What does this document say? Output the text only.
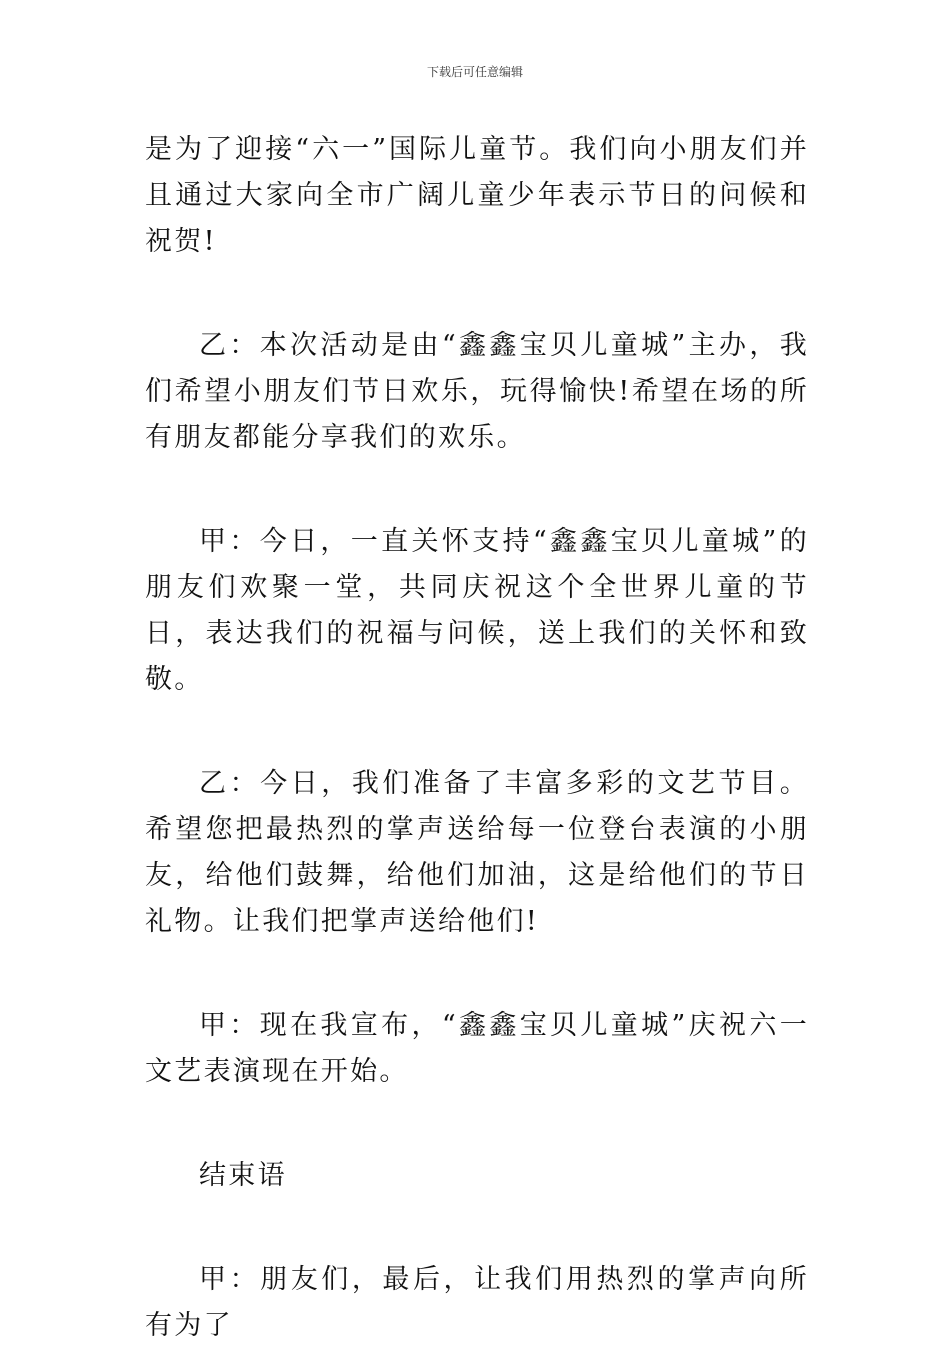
下载后可任意编辑

是为了迎接“六一”国际儿童节。我们向小朋友们并且通过大家向全市广阔儿童少年表示节日的问候和祝贺!

乙：本次活动是由“鑫鑫宝贝儿童城”主办，我们希望小朋友们节日欢乐，玩得愉快!希望在场的所有朋友都能分享我们的欢乐。

甲：今日，一直关怀支持“鑫鑫宝贝儿童城”的朋友们欢聚一堂，共同庆祝这个全世界儿童的节日，表达我们的祝福与问候，送上我们的关怀和致敬。

乙：今日，我们准备了丰富多彩的文艺节目。希望您把最热烈的掌声送给每一位登台表演的小朋友，给他们鼓舞，给他们加油，这是给他们的节日礼物。让我们把掌声送给他们!

甲：现在我宣布，“鑫鑫宝贝儿童城”庆祝六一文艺表演现在开始。

结束语

甲：朋友们，最后，让我们用热烈的掌声向所有为了
